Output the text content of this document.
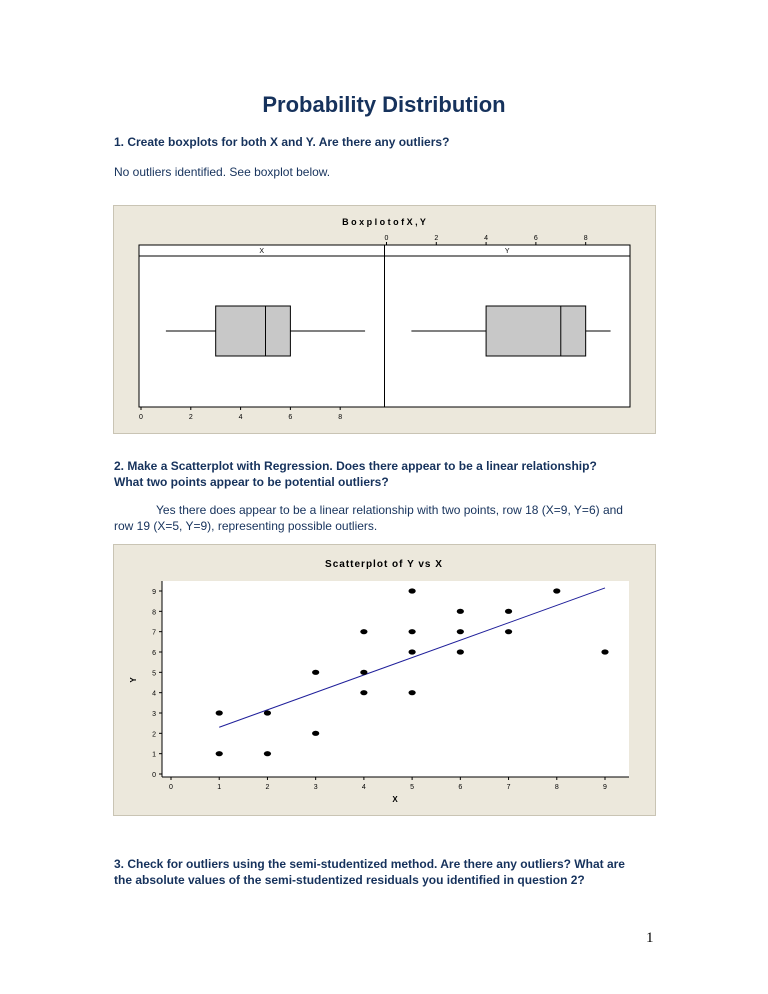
Probability Distribution
1. Create boxplots for both X and Y. Are there any outliers?
No outliers identified. See boxplot below.
B o x p l o t o f X , Y
X
0	2	4	6	8
Y
0	2	4	6	8
2. Make a Scatterplot with Regression. Does there appear to be a linear relationship?
What two points appear to be potential outliers?
Yes there does appear to be a linear relationship with two points, row 18 (X=9, Y=6) and
row 19 (X=5, Y=9), representing possible outliers.
Scatterplot of Y vs X
0
1
2
3
4
5
6
7
8
9
0	1	2	3	4	5	6	7	8	9
X
Y
3. Check for outliers using the semi-studentized method. Are there any outliers? What are
the absolute values of the semi-studentized residuals you identified in question 2?
1
